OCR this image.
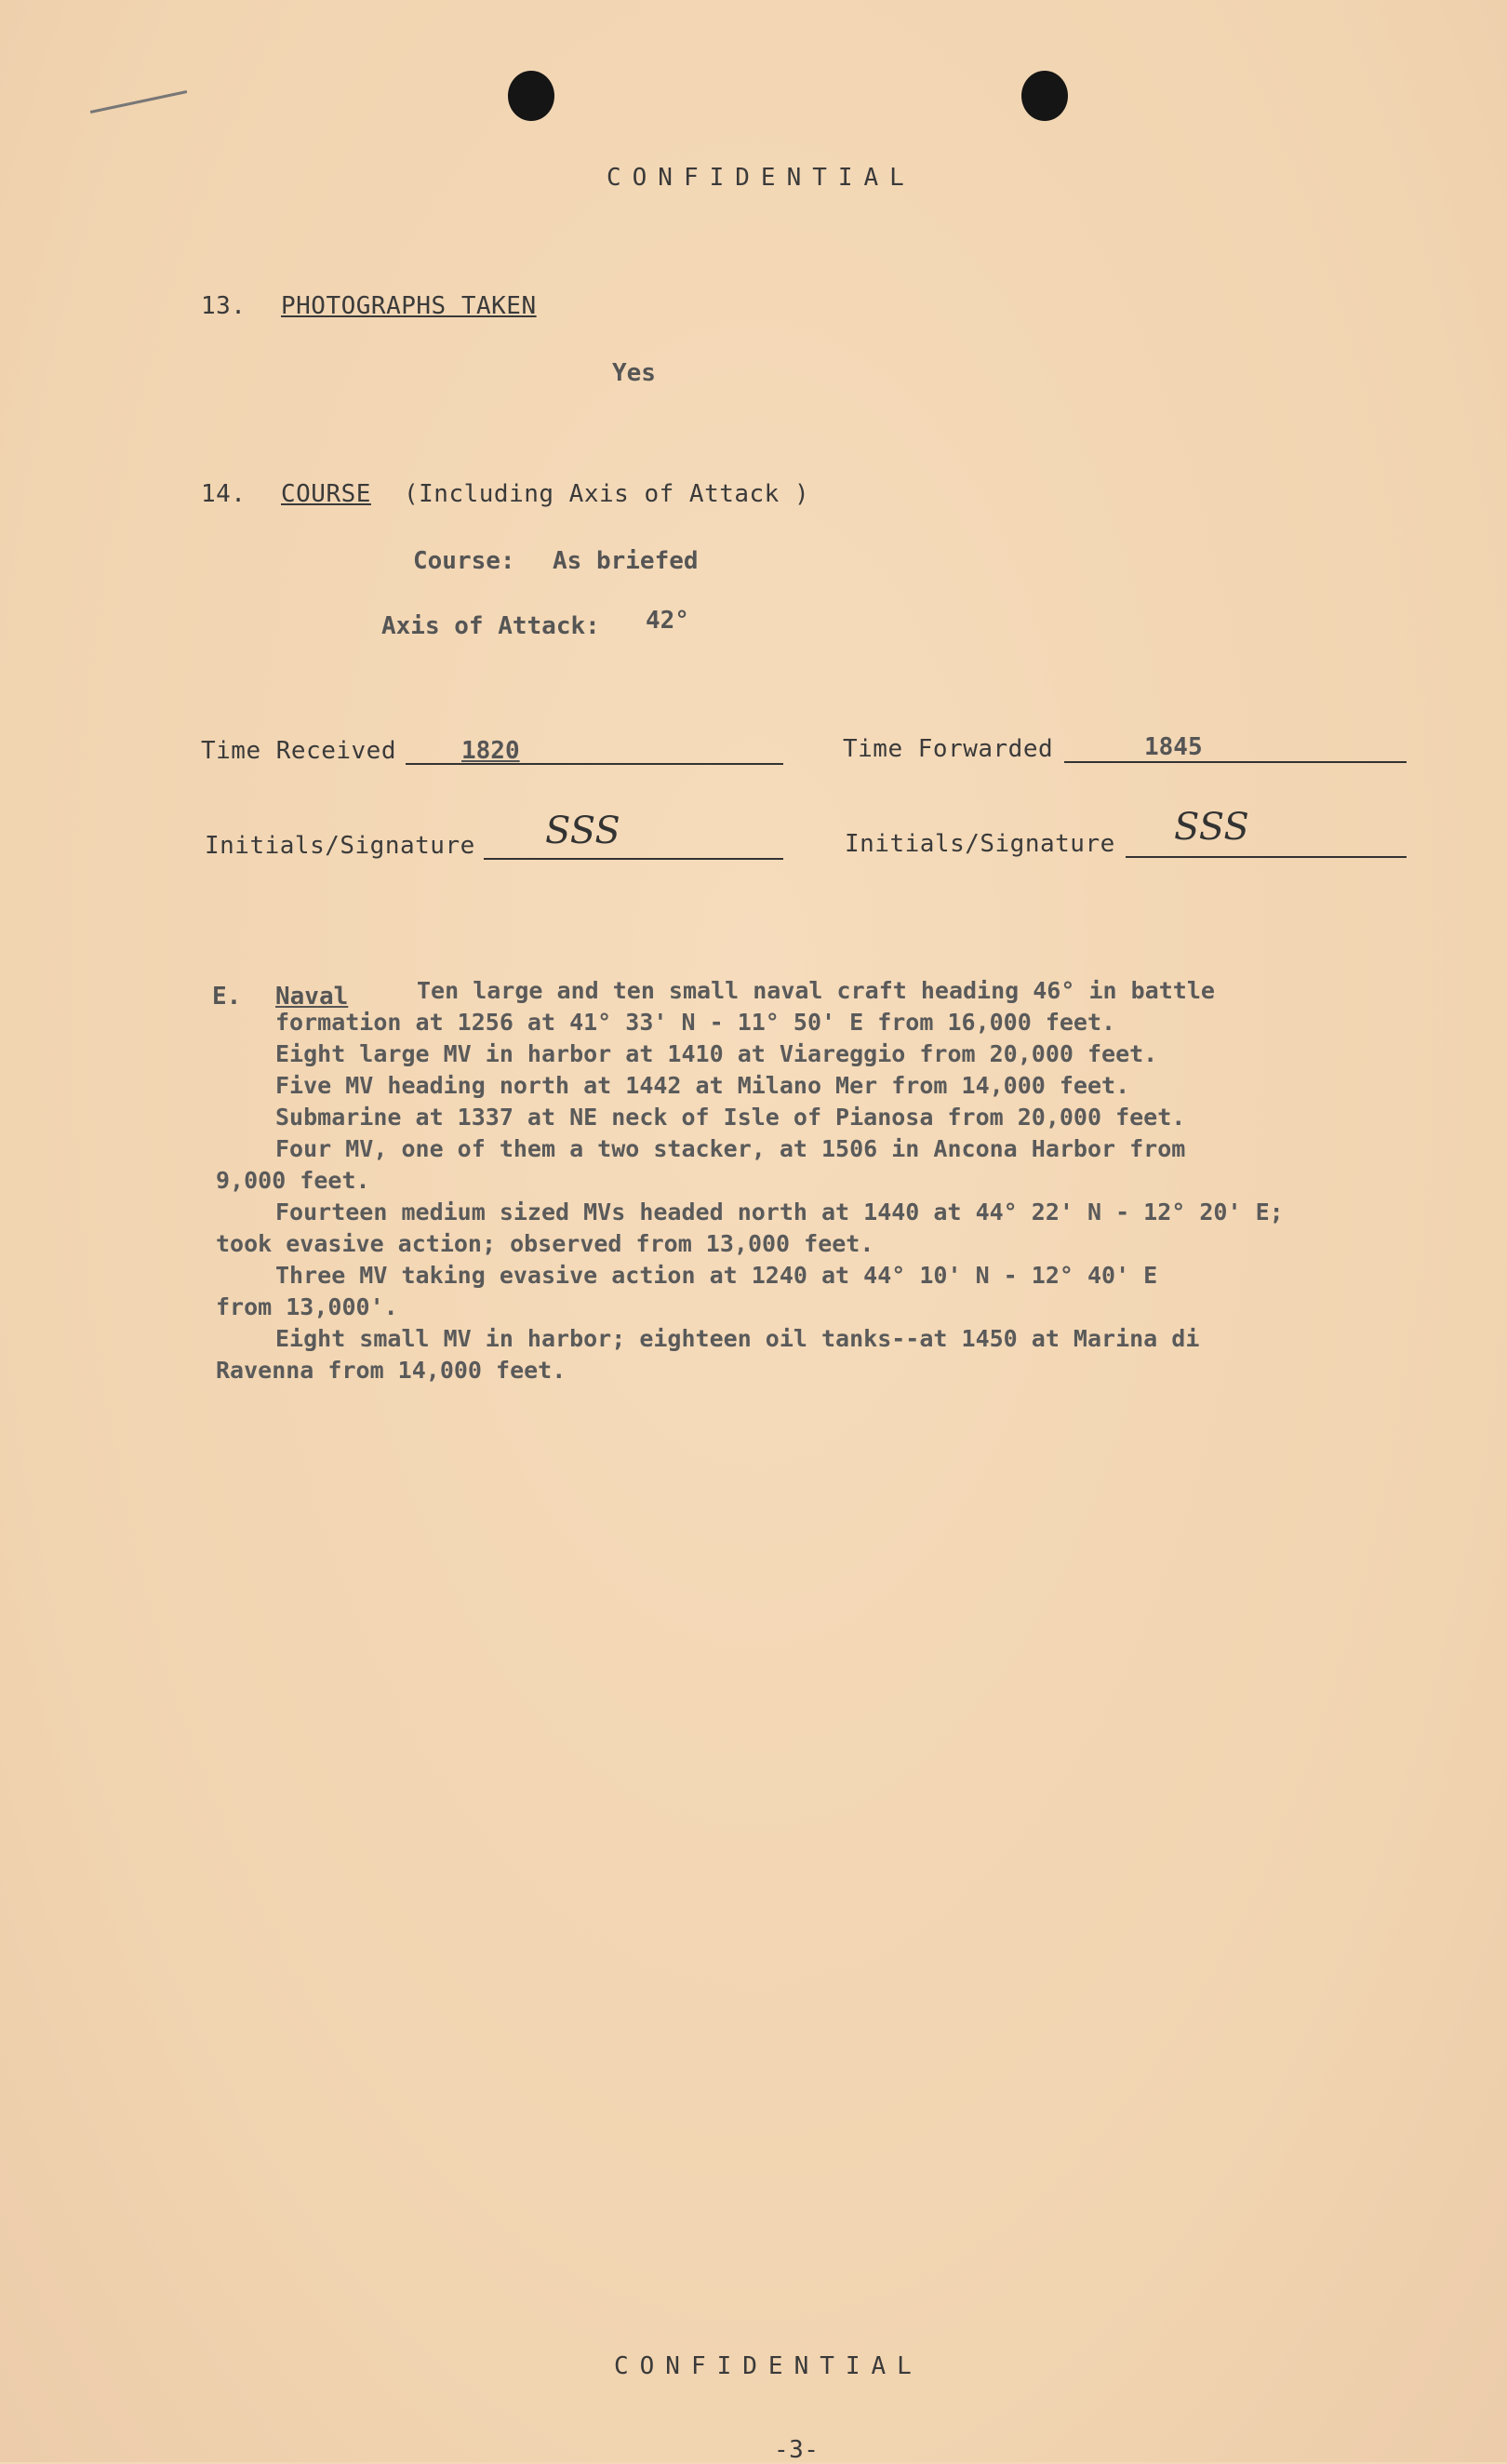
CONFIDENTIAL
13. PHOTOGRAPHS TAKEN
Yes
14. COURSE (Including Axis of Attack )
Course: As briefed
Axis of Attack: 42°
Time Received	1820	Time Forwarded	1845
Initials/Signature SSS	Initials/Signature SSS
E. Naval	Ten large and ten small naval craft heading 46° in battle

formation at 1256 at 41° 33' N - 11° 50' E from 16,000 feet.

Eight large MV in harbor at 1410 at Viareggio from 20,000 feet.

Five MV heading north at 1442 at Milano Mer from 14,000 feet.

Submarine at 1337 at NE neck of Isle of Pianosa from 20,000 feet.

Four MV, one of them a two stacker, at 1506 in Ancona Harbor from

9,000 feet.

Fourteen medium sized MVs headed north at 1440 at 44° 22' N - 12° 20' E;

took evasive action; observed from 13,000 feet.

Three MV taking evasive action at 1240 at 44° 10' N - 12° 40' E

from 13,000'.

Eight small MV in harbor; eighteen oil tanks--at 1450 at Marina di

Ravenna from 14,000 feet.

CONFIDENTIAL
-3-
